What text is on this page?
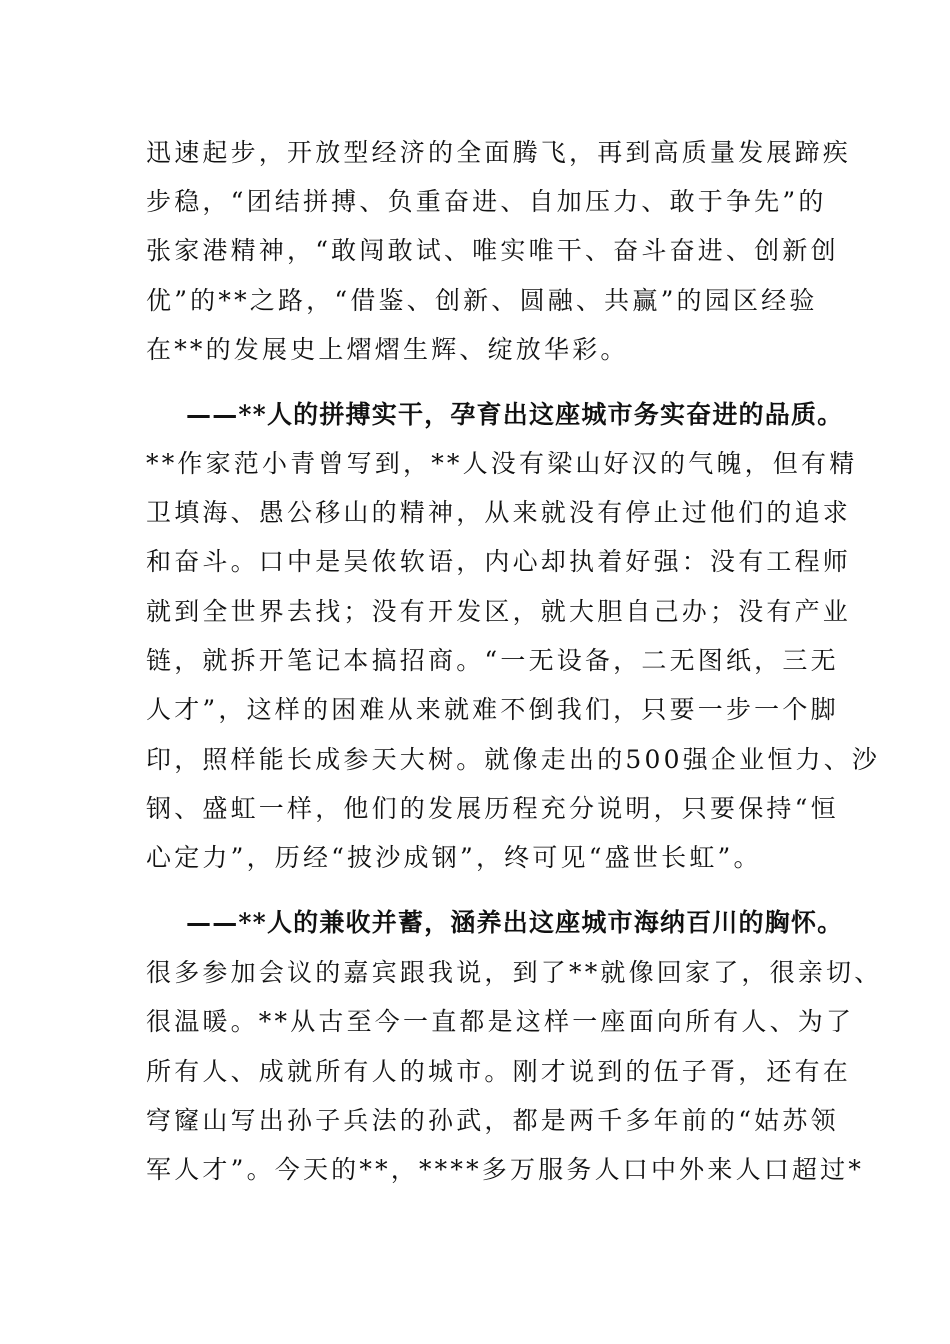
迅速起步，开放型经济的全面腾飞，再到高质量发展蹄疾
步稳，“团结拼搏、负重奋进、自加压力、敢于争先”的
张家港精神，“敢闯敢试、唯实唯干、奋斗奋进、创新创
优”的**之路，“借鉴、创新、圆融、共赢”的园区经验
在**的发展史上熠熠生辉、绽放华彩。
——**人的拼搏实干，孕育出这座城市务实奋进的品质。
**作家范小青曾写到，**人没有梁山好汉的气魄，但有精
卫填海、愚公移山的精神，从来就没有停止过他们的追求
和奋斗。口中是吴侬软语，内心却执着好强：没有工程师
就到全世界去找；没有开发区，就大胆自己办；没有产业
链，就拆开笔记本搞招商。“一无设备，二无图纸，三无
人才”，这样的困难从来就难不倒我们，只要一步一个脚
印，照样能长成参天大树。就像走出的500强企业恒力、沙
钢、盛虹一样，他们的发展历程充分说明，只要保持“恒
心定力”，历经“披沙成钢”，终可见“盛世长虹”。
——**人的兼收并蓄，涵养出这座城市海纳百川的胸怀。
很多参加会议的嘉宾跟我说，到了**就像回家了，很亲切、
很温暖。**从古至今一直都是这样一座面向所有人、为了
所有人、成就所有人的城市。刚才说到的伍子胥，还有在
穹窿山写出孙子兵法的孙武，都是两千多年前的“姑苏领
军人才”。今天的**，****多万服务人口中外来人口超过*
